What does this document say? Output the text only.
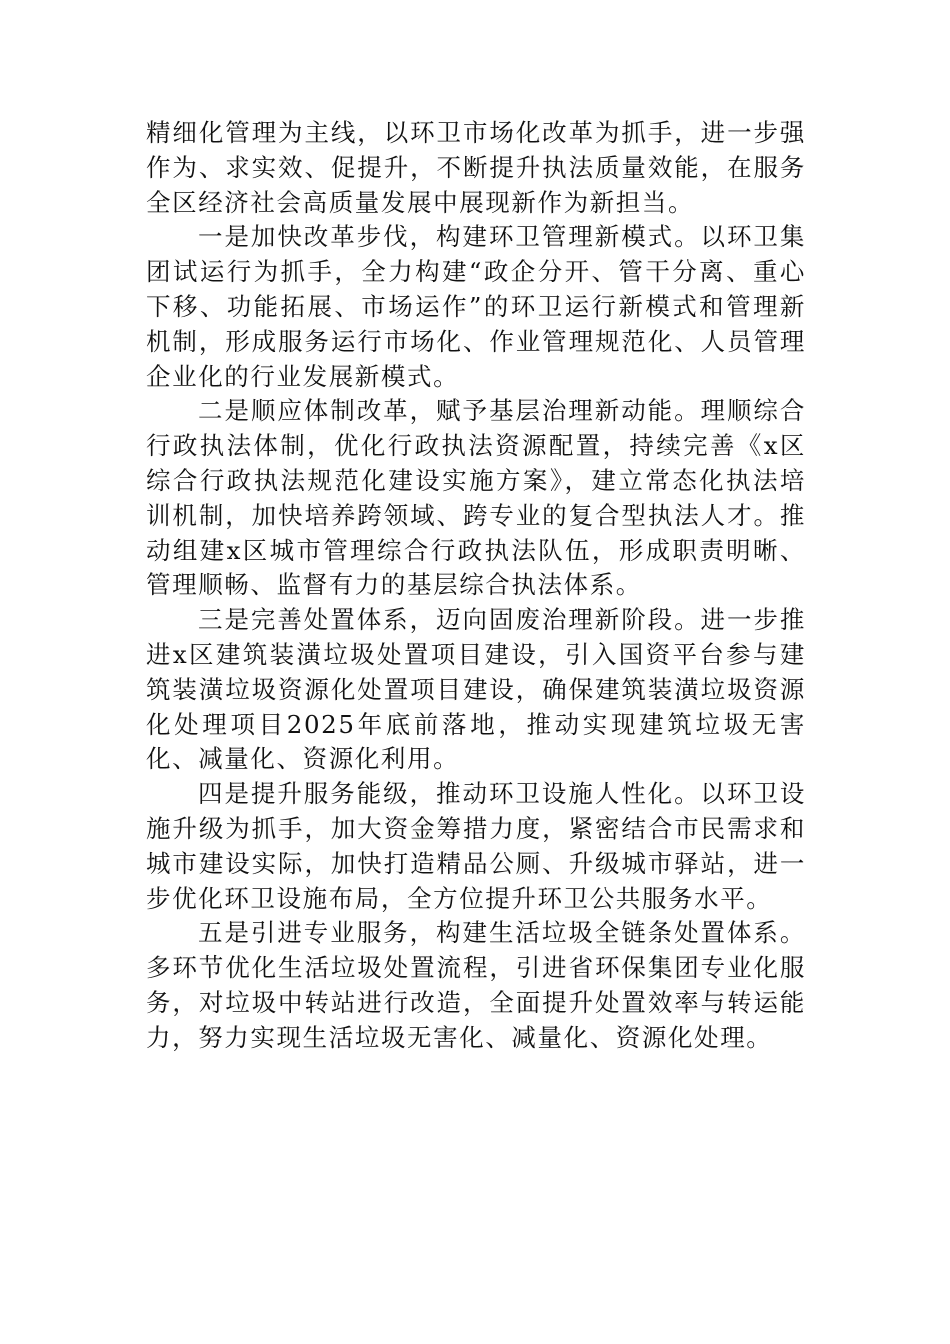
精细化管理为主线，以环卫市场化改革为抓手，进一步强作为、求实效、促提升，不断提升执法质量效能，在服务全区经济社会高质量发展中展现新作为新担当。

一是加快改革步伐，构建环卫管理新模式。以环卫集团试运行为抓手，全力构建“政企分开、管干分离、重心下移、功能拓展、市场运作”的环卫运行新模式和管理新机制，形成服务运行市场化、作业管理规范化、人员管理企业化的行业发展新模式。

二是顺应体制改革，赋予基层治理新动能。理顺综合行政执法体制，优化行政执法资源配置，持续完善《x区综合行政执法规范化建设实施方案》，建立常态化执法培训机制，加快培养跨领域、跨专业的复合型执法人才。推动组建x区城市管理综合行政执法队伍，形成职责明晰、管理顺畅、监督有力的基层综合执法体系。

三是完善处置体系，迈向固废治理新阶段。进一步推进x区建筑装潢垃圾处置项目建设，引入国资平台参与建筑装潢垃圾资源化处置项目建设，确保建筑装潢垃圾资源化处理项目2025年底前落地，推动实现建筑垃圾无害化、减量化、资源化利用。

四是提升服务能级，推动环卫设施人性化。以环卫设施升级为抓手，加大资金筹措力度，紧密结合市民需求和城市建设实际，加快打造精品公厕、升级城市驿站，进一步优化环卫设施布局，全方位提升环卫公共服务水平。

五是引进专业服务，构建生活垃圾全链条处置体系。多环节优化生活垃圾处置流程，引进省环保集团专业化服务，对垃圾中转站进行改造，全面提升处置效率与转运能力，努力实现生活垃圾无害化、减量化、资源化处理。
